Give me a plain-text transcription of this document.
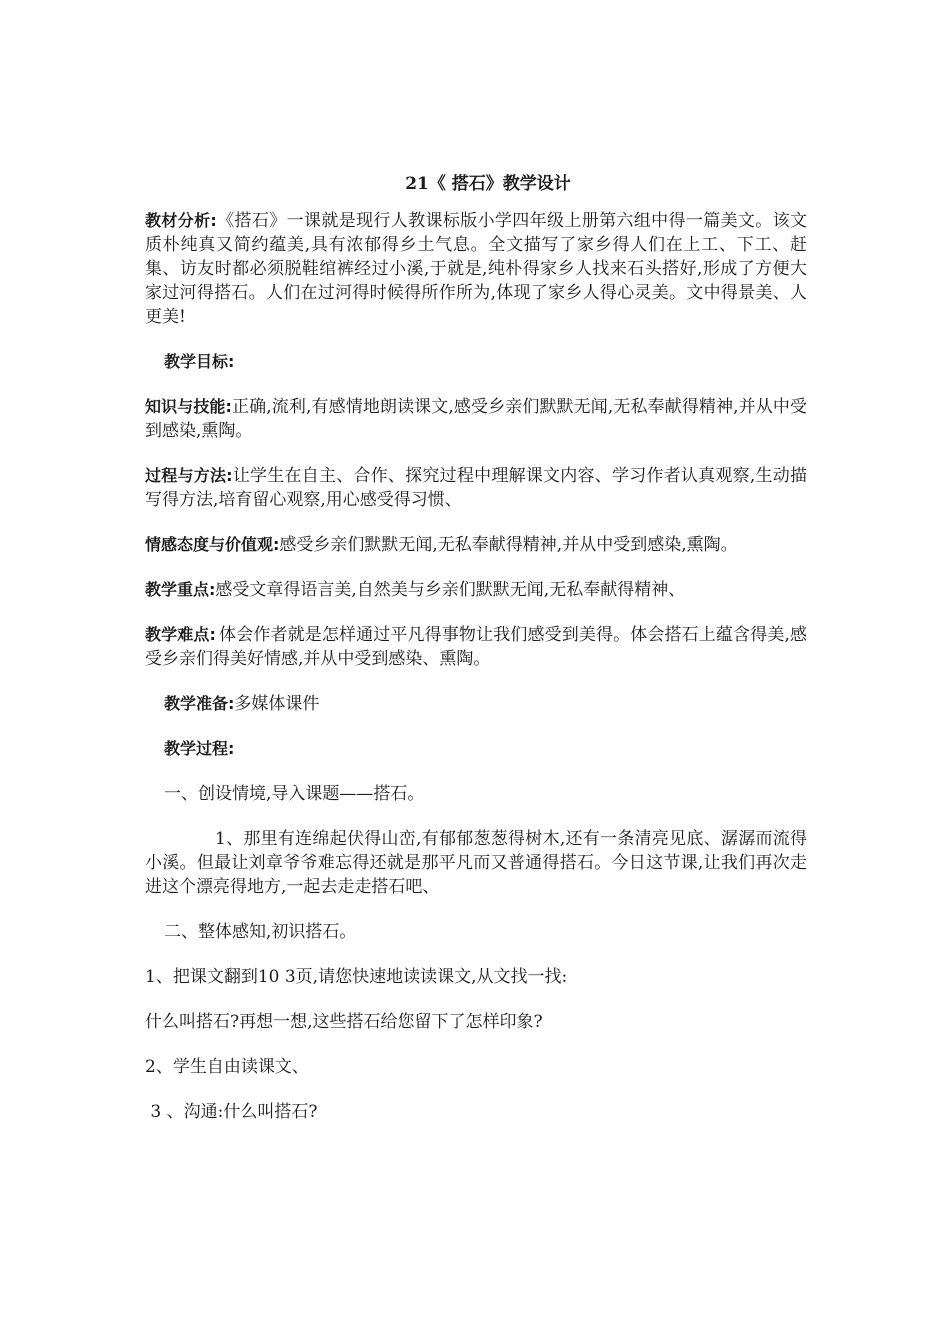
21《 搭石》教学设计
教材分析:《搭石》一课就是现行人教课标版小学四年级上册第六组中得一篇美文。该文质朴纯真又简约蕴美,具有浓郁得乡土气息。全文描写了家乡得人们在上工、下工、赶集、访友时都必须脱鞋绾裤经过小溪,于就是,纯朴得家乡人找来石头搭好,形成了方便大家过河得搭石。人们在过河得时候得所作所为,体现了家乡人得心灵美。文中得景美、人更美!
教学目标:
知识与技能:正确,流利,有感情地朗读课文,感受乡亲们默默无闻,无私奉献得精神,并从中受到感染,熏陶。
过程与方法:让学生在自主、合作、探究过程中理解课文内容、学习作者认真观察,生动描写得方法,培育留心观察,用心感受得习惯、
情感态度与价值观:感受乡亲们默默无闻,无私奉献得精神,并从中受到感染,熏陶。
教学重点:感受文章得语言美,自然美与乡亲们默默无闻,无私奉献得精神、
教学难点: 体会作者就是怎样通过平凡得事物让我们感受到美得。体会搭石上蕴含得美,感受乡亲们得美好情感,并从中受到感染、熏陶。
教学准备:多媒体课件
教学过程:
一、创设情境,导入课题——搭石。
1、那里有连绵起伏得山峦,有郁郁葱葱得树木,还有一条清亮见底、潺潺而流得小溪。但最让刘章爷爷难忘得还就是那平凡而又普通得搭石。今日这节课,让我们再次走进这个漂亮得地方,一起去走走搭石吧、
二、整体感知,初识搭石。
1、把课文翻到10 3页,请您快速地读读课文,从文找一找:
什么叫搭石?再想一想,这些搭石给您留下了怎样印象?
2、学生自由读课文、
3 、沟通:什么叫搭石?
